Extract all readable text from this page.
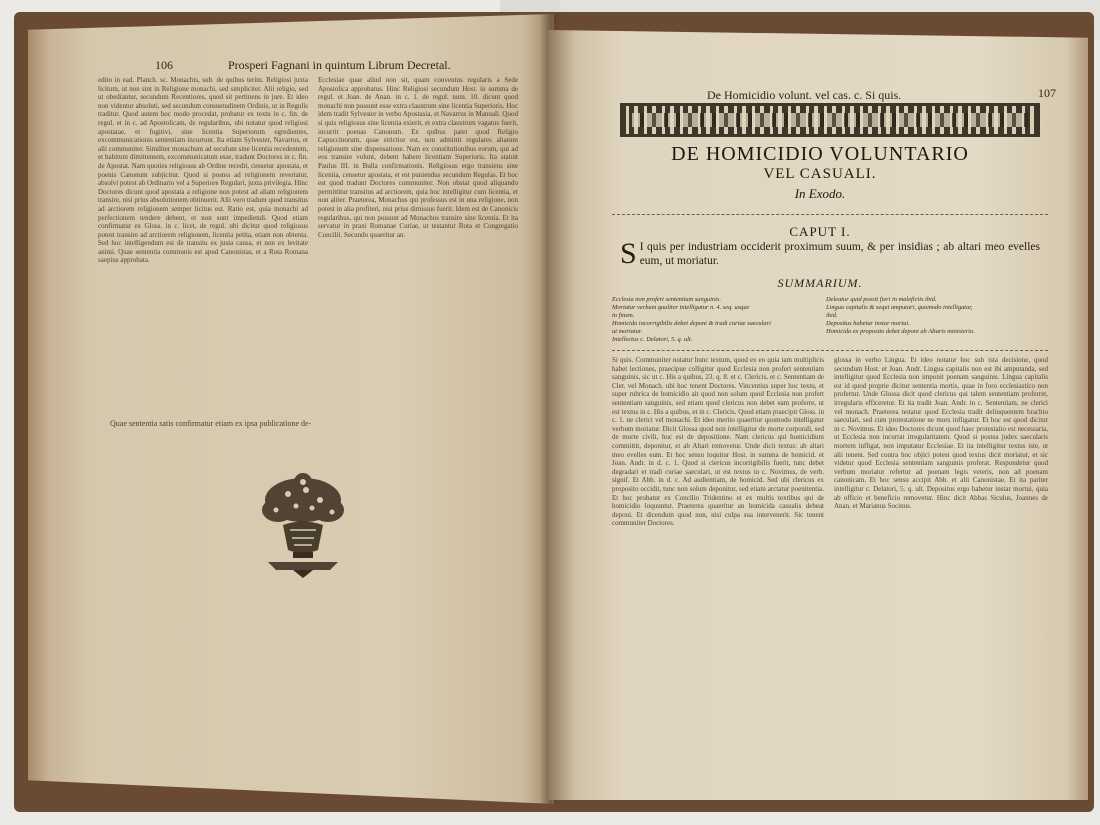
106	Prosperi Fagnani in quintum Librum Decretal.

edito in ead. Planch. sc. Monachis, sub. de quibus terim. Religiosi juxta licitum, ut non sint in Religione monachi, sed simpliciter. Alii religio, sed ut obediantur, secundum Recentiores, quod sit pertinens in jure. Et ideo non videntur absoluti, sed secundum consuetudinem Ordinis, ut in Regulis traditur. Quod autem hoc modo procedat, probatur ex textu in c. fin. de regul. et in c. ad Apostolicam, de regularibus, ubi notatur quod religiosi apostatae, et fugitivi, sine licentia Superiorum egredientes, excommunicationis sententiam incurrunt. Ita etiam Sylvester, Navarrus, et alii communiter. Similiter monachum ad seculum sine licentia recedentem, et habitum dimittentem, excommunicatum esse, tradunt Doctores in c. fin. de Apostat. Nam quoties religiosus ab Ordine recedit, censetur apostata, et poenis Canonum subjicitur. Quod si postea ad religionem revertatur, absolvi potest ab Ordinario vel a Superiore Regulari, juxta privilegia. Hinc Doctores dicunt quod apostata a religione non potest ad aliam religionem transire, nisi prius absolutionem obtinuerit. Alii vero tradunt quod transitus ad arctiorem religionem semper licitus est. Ratio est, quia monachi ad perfectionem tendere debent, et non sunt impediendi. Quod etiam confirmatur ex Gloss. in c. licet, de regul. ubi dicitur quod religiosus potest transire ad arctiorem religionem, licentia petita, etiam non obtenta. Sed hoc intelligendum est de transitu ex justa causa, et non ex levitate animi. Quae sententia communis est apud Canonistas, et a Rota Romana saepius approbata.

Ecclesiae quae aliud non sit, quam conventus regularis a Sede Apostolica approbatus. Hinc Religiosi secundum Host. in summa de regul. et Joan. de Anan. in c. 1. de regul. num. 10. dicunt quod monachi non possunt esse extra claustrum sine licentia Superioris. Hoc idem tradit Sylvester in verbo Apostasia, et Navarrus in Manuali. Quod si quis religiosus sine licentia exierit, et extra claustrum vagatus fuerit, incurrit poenas Canonum. Ex quibus patet quod Religio Capuccinorum, quae strictior est, non admittit regulares aliarum religionum sine dispensatione. Nam ex constitutionibus eorum, qui ad eos transire volunt, debent habere licentiam Superioris. Ita statuit Paulus III. in Bulla confirmationis. Religiosus ergo transiens sine licentia, censetur apostata, et est puniendus secundum Regulas. Et hoc est quod tradunt Doctores communiter. Non obstat quod aliquando permittitur transitus ad arctiorem, quia hoc intelligitur cum licentia, et non aliter. Praeterea, Monachus qui professus est in una religione, non potest in alia profiteri, nisi prius dimissus fuerit. Idem est de Canonicis regularibus, qui non possunt ad Monachos transire sine licentia. Et ita servatur in praxi Romanae Curiae, ut testantur Rota et Congregatio Concilii. Secundo quaeritur an.

Quae sententia satis confirmatur etiam ex ipsa publicatione de-
De Homicidio volunt. vel cas. c. Si quis.	107
DE HOMICIDIO VOLUNTARIO
VEL CASUALI.
In Exodo.
CAPUT I.
S I quis per industriam occiderit proximum suum, & per insidias ; ab altari meo evelles eum, ut moriatur.
SUMMARIUM.
Ecclesia non profert sententiam sanguinis.
Moriatur verbum qualiter intelligatur n. 4. seq. usque
in finem.
Homicida incorrigibilis debet deponi & tradi curiae saeculari
ut moriatur.
Intellectus c. Delatori, 5. q. ult.
Deleatur quid possit fieri in maleficiis ibid.
Lingua capitalis & sequi amputari, quomodo intelligatur,
ibid.
Depositus habetur instar mortui.
Homicida ex proposito debet deponi ab Altaris ministerio.

Si quis. Communiter notatur hunc textum, quod ex eo quia tam multiplicis habet lectiones, praecipue colligitur quod Ecclesia non profert sententiam sanguinis, sic ut c. His a quibus, 23. q. 8. et c. Clericis, et c. Sententiam de Cler. vel Monach. ubi hoc tenent Doctores. Vincentius super hoc textu, et super rubrica de homicidio ait quod non solum quod Ecclesia non profert sententiam sanguinis, sed etiam quod clericus non debet eam proferre, ut est textus in c. His a quibus, et in c. Clericis. Quod etiam praecipit Gloss. in c. 1. ne clerici vel monachi. Et ideo merito quaeritur quomodo intelligatur verbum moriatur. Dicit Glossa quod non intelligitur de morte corporali, sed de morte civili, hoc est de depositione. Nam clericus qui homicidium committit, deponitur, et ab Altari removetur. Unde dicit textus: ab altari meo evelles eum. Et hoc sensu loquitur Host. in summa de homicid. et Joan. Andr. in d. c. 1. Quod si clericus incorrigibilis fuerit, tunc debet degradari et tradi curiae saeculari, ut est textus in c. Novimus, de verb. signif. Et Abb. in d. c. Ad audientiam, de homicid. Sed ubi clericus ex proposito occidit, tunc non solum deponitur, sed etiam arctatur poenitentia. Et hoc probatur ex Concilio Tridentino et ex multis textibus qui de homicidio loquuntur. Praeterea quaeritur an homicida casualis debeat deponi. Et dicendum quod non, nisi culpa sua intervenerit. Sic tenent communiter Doctores.

glossa in verbo Lingua. Et ideo notatur hoc sub ista decisione, quod secundum Host. et Joan. Andr. Lingua capitalis non est ibi amputanda, sed intelligitur quod Ecclesia non imponit poenam sanguinis. Lingua capitalis est id quod proprie dicitur sententia mortis, quae in foro ecclesiastico non profertur. Unde Glossa dicit quod clericus qui talem sententiam proferret, irregularis efficeretur. Et ita tradit Joan. Andr. in c. Sententiam, ne clerici vel monach. Praeterea notatur quod Ecclesia tradit delinquentem brachio saeculari, sed cum protestatione ne mors infligatur. Et hoc est quod dicitur in c. Novimus. Et ideo Doctores dicunt quod haec protestatio est necessaria, ut Ecclesia non incurrat irregularitatem. Quod si postea judex saecularis mortem infligat, non imputatur Ecclesiae. Et ita intelligitur textus iste, ut alii tenent. Sed contra hoc objici potest quod textus dicit moriatur, et sic videtur quod Ecclesia sententiam sanguinis proferat. Respondetur quod verbum moriatur refertur ad poenam legis veteris, non ad poenam canonicam. Et hoc sensu accipit Abb. et alii Canonistae. Et ita pariter intelligitur c. Delatori, 5. q. ult. Depositus ergo habetur instar mortui, quia ab officio et beneficio removetur. Hinc dicit Abbas Siculus, Joannes de Anan. et Marianus Socinus.
